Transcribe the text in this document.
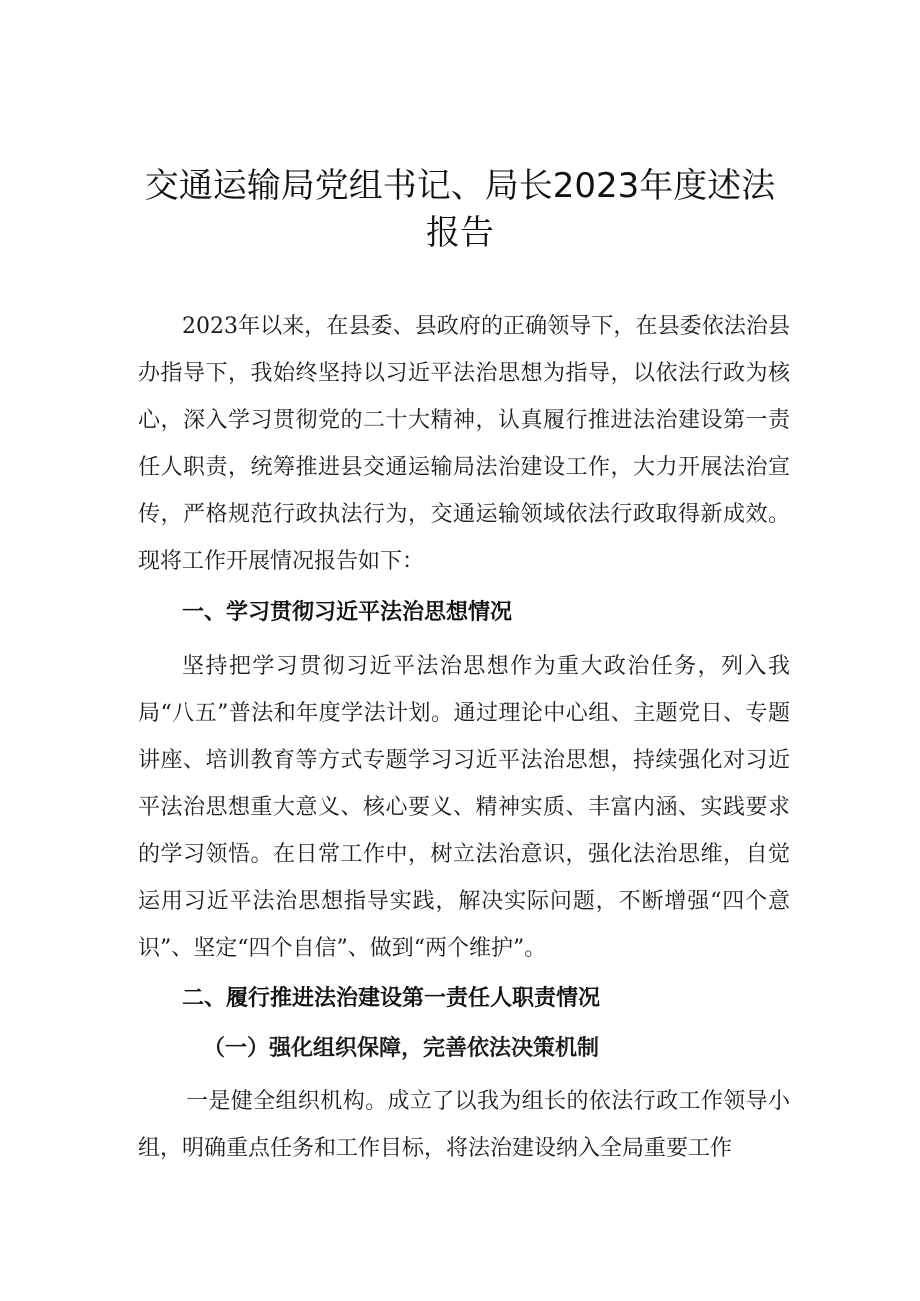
交通运输局党组书记、局长2023年度述法
报告

2023年以来，在县委、县政府的正确领导下，在县委依法治县办指导下，我始终坚持以习近平法治思想为指导，以依法行政为核心，深入学习贯彻党的二十大精神，认真履行推进法治建设第一责任人职责，统筹推进县交通运输局法治建设工作，大力开展法治宣传，严格规范行政执法行为，交通运输领域依法行政取得新成效。现将工作开展情况报告如下：

一、学习贯彻习近平法治思想情况

坚持把学习贯彻习近平法治思想作为重大政治任务，列入我局“八五”普法和年度学法计划。通过理论中心组、主题党日、专题讲座、培训教育等方式专题学习习近平法治思想，持续强化对习近平法治思想重大意义、核心要义、精神实质、丰富内涵、实践要求的学习领悟。在日常工作中，树立法治意识，强化法治思维，自觉运用习近平法治思想指导实践，解决实际问题，不断增强“四个意识”、坚定“四个自信”、做到“两个维护”。

二、履行推进法治建设第一责任人职责情况
（一）强化组织保障，完善依法决策机制

一是健全组织机构。成立了以我为组长的依法行政工作领导小组，明确重点任务和工作目标，将法治建设纳入全局重要工作
